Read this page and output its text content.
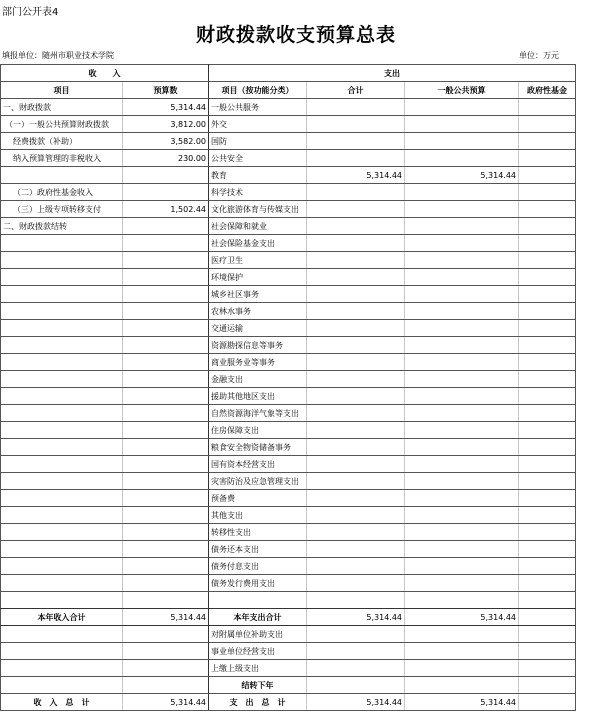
部门公开表4
财政拨款收支预算总表
填报单位：随州市职业技术学院	单位：万元
收　　入		支出			
项目	预算数	项目（按功能分类）	合计	一般公共预算	政府性基金
一、财政拨款	5,314.44	一般公共服务			
（一）一般公共预算财政拨款	3,812.00	外交			
经费拨款（补助）	3,582.00	国防			
纳入预算管理的非税收入	230.00	公共安全			
		教育	5,314.44	5,314.44	
（二）政府性基金收入		科学技术			
（三）上级专项转移支付	1,502.44	文化旅游体育与传媒支出			
二、财政拨款结转		社会保障和就业			
		社会保险基金支出			
		医疗卫生			
		环境保护			
		城乡社区事务			
		农林水事务			
		交通运输			
		资源勘探信息等事务			
		商业服务业等事务			
		金融支出			
		援助其他地区支出			
		自然资源海洋气象等支出			
		住房保障支出			
		粮食安全物资储备事务			
		国有资本经营支出			
		灾害防治及应急管理支出			
		预备费			
		其他支出			
		转移性支出			
		债务还本支出			
		债务付息支出			
		债务发行费用支出			

本年收入合计	5,314.44	本年支出合计	5,314.44	5,314.44	
		对附属单位补助支出			
		事业单位经营支出			
		上缴上级支出			
		结转下年			
收　入　总　计	5,314.44	支　出　总　计	5,314.44	5,314.44	
